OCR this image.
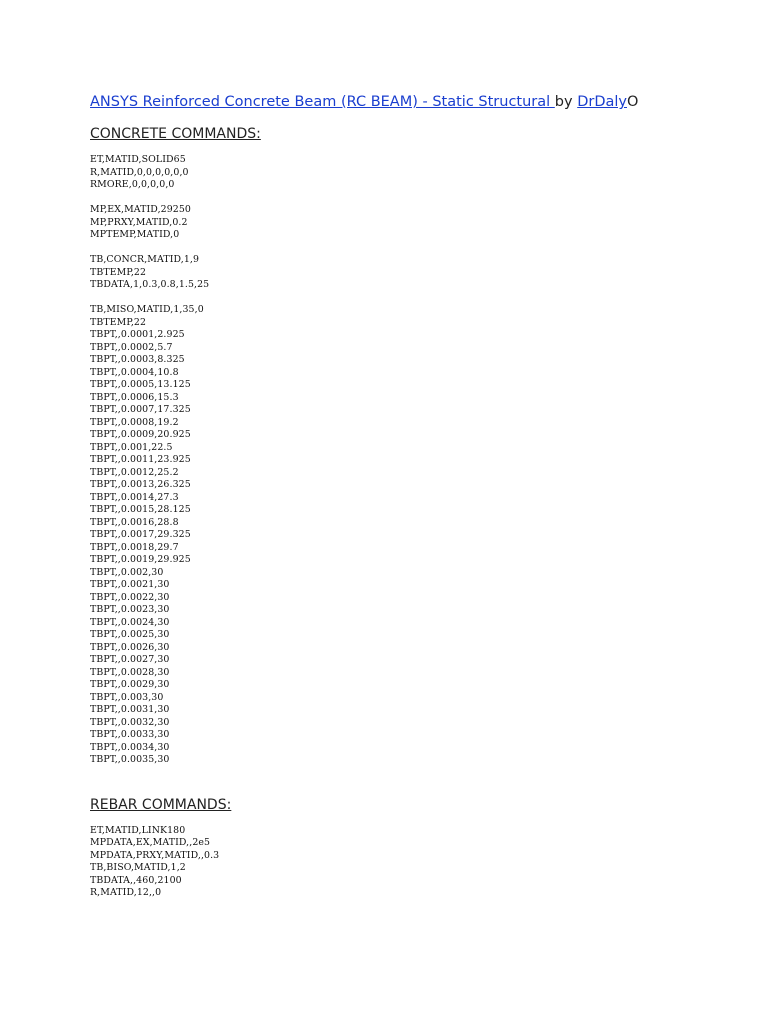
ANSYS Reinforced Concrete Beam (RC BEAM) - Static Structural by DrDalyO
CONCRETE COMMANDS:
ET,MATID,SOLID65
R,MATID,0,0,0,0,0,0
RMORE,0,0,0,0,0
MP,EX,MATID,29250
MP,PRXY,MATID,0.2
MPTEMP,MATID,0
TB,CONCR,MATID,1,9
TBTEMP,22
TBDATA,1,0.3,0.8,1.5,25
TB,MISO,MATID,1,35,0
TBTEMP,22
TBPT,,0.0001,2.925
TBPT,,0.0002,5.7
TBPT,,0.0003,8.325
TBPT,,0.0004,10.8
TBPT,,0.0005,13.125
TBPT,,0.0006,15.3
TBPT,,0.0007,17.325
TBPT,,0.0008,19.2
TBPT,,0.0009,20.925
TBPT,,0.001,22.5
TBPT,,0.0011,23.925
TBPT,,0.0012,25.2
TBPT,,0.0013,26.325
TBPT,,0.0014,27.3
TBPT,,0.0015,28.125
TBPT,,0.0016,28.8
TBPT,,0.0017,29.325
TBPT,,0.0018,29.7
TBPT,,0.0019,29.925
TBPT,,0.002,30
TBPT,,0.0021,30
TBPT,,0.0022,30
TBPT,,0.0023,30
TBPT,,0.0024,30
TBPT,,0.0025,30
TBPT,,0.0026,30
TBPT,,0.0027,30
TBPT,,0.0028,30
TBPT,,0.0029,30
TBPT,,0.003,30
TBPT,,0.0031,30
TBPT,,0.0032,30
TBPT,,0.0033,30
TBPT,,0.0034,30
TBPT,,0.0035,30
REBAR COMMANDS:
ET,MATID,LINK180
MPDATA,EX,MATID,,2e5
MPDATA,PRXY,MATID,,0.3
TB,BISO,MATID,1,2
TBDATA,,460,2100
R,MATID,12,,0
